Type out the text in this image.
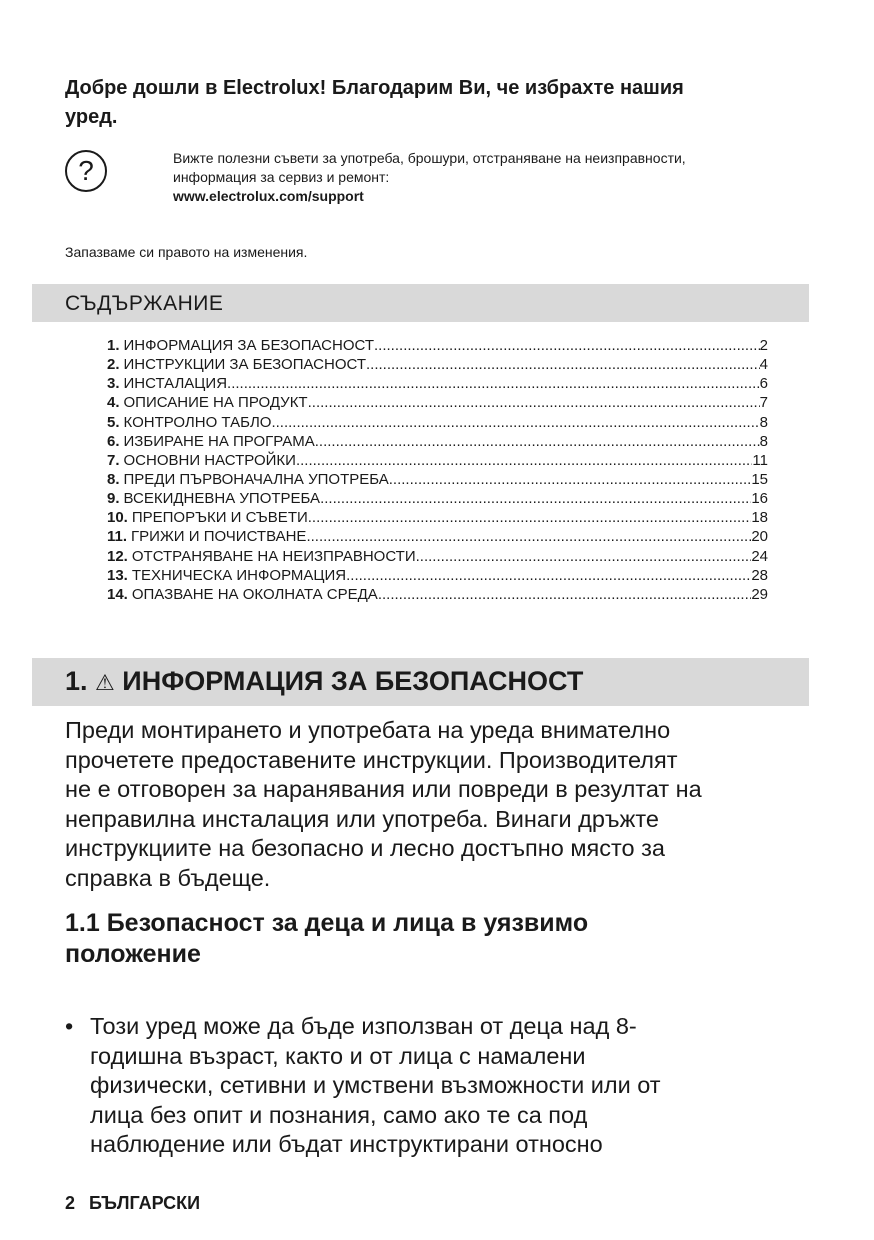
Добре дошли в Electrolux! Благодарим Ви, че избрахте нашия
уред.
?	Вижте полезни съвети за употреба, брошури, отстраняване на неизправности,
информация за сервиз и ремонт:
www.electrolux.com/support
Запазваме си правото на изменения.
СЪДЪРЖАНИЕ
1. ИНФОРМАЦИЯ ЗА БЕЗОПАСНОСТ .....	2
2. ИНСТРУКЦИИ ЗА БЕЗОПАСНОСТ .....	4
3. ИНСТАЛАЦИЯ .....	6
4. ОПИСАНИЕ НА ПРОДУКТ .....	7
5. КОНТРОЛНО ТАБЛО .....	8
6. ИЗБИРАНЕ НА ПРОГРАМА .....	8
7. ОСНОВНИ НАСТРОЙКИ .....	11
8. ПРЕДИ ПЪРВОНАЧАЛНА УПОТРЕБА .....	15
9. ВСЕКИДНЕВНА УПОТРЕБА .....	16
10. ПРЕПОРЪКИ И СЪВЕТИ .....	18
11. ГРИЖИ И ПОЧИСТВАНЕ .....	20
12. ОТСТРАНЯВАНЕ НА НЕИЗПРАВНОСТИ .....	24
13. ТЕХНИЧЕСКА ИНФОРМАЦИЯ .....	28
14. ОПАЗВАНЕ НА ОКОЛНАТА СРЕДА .....	29
1. ⚠ ИНФОРМАЦИЯ ЗА БЕЗОПАСНОСТ
Преди монтирането и употребата на уреда внимателно
прочетете предоставените инструкции. Производителят
не е отговорен за наранявания или повреди в резултат на
неправилна инсталация или употреба. Винаги дръжте
инструкциите на безопасно и лесно достъпно място за
справка в бъдеще.
1.1 Безопасност за деца и лица в уязвимо
положение
• Този уред може да бъде използван от деца над 8-
годишна възраст, както и от лица с намалени
физически, сетивни и умствени възможности или от
лица без опит и познания, само ако те са под
наблюдение или бъдат инструктирани относно
2 БЪЛГАРСКИ
